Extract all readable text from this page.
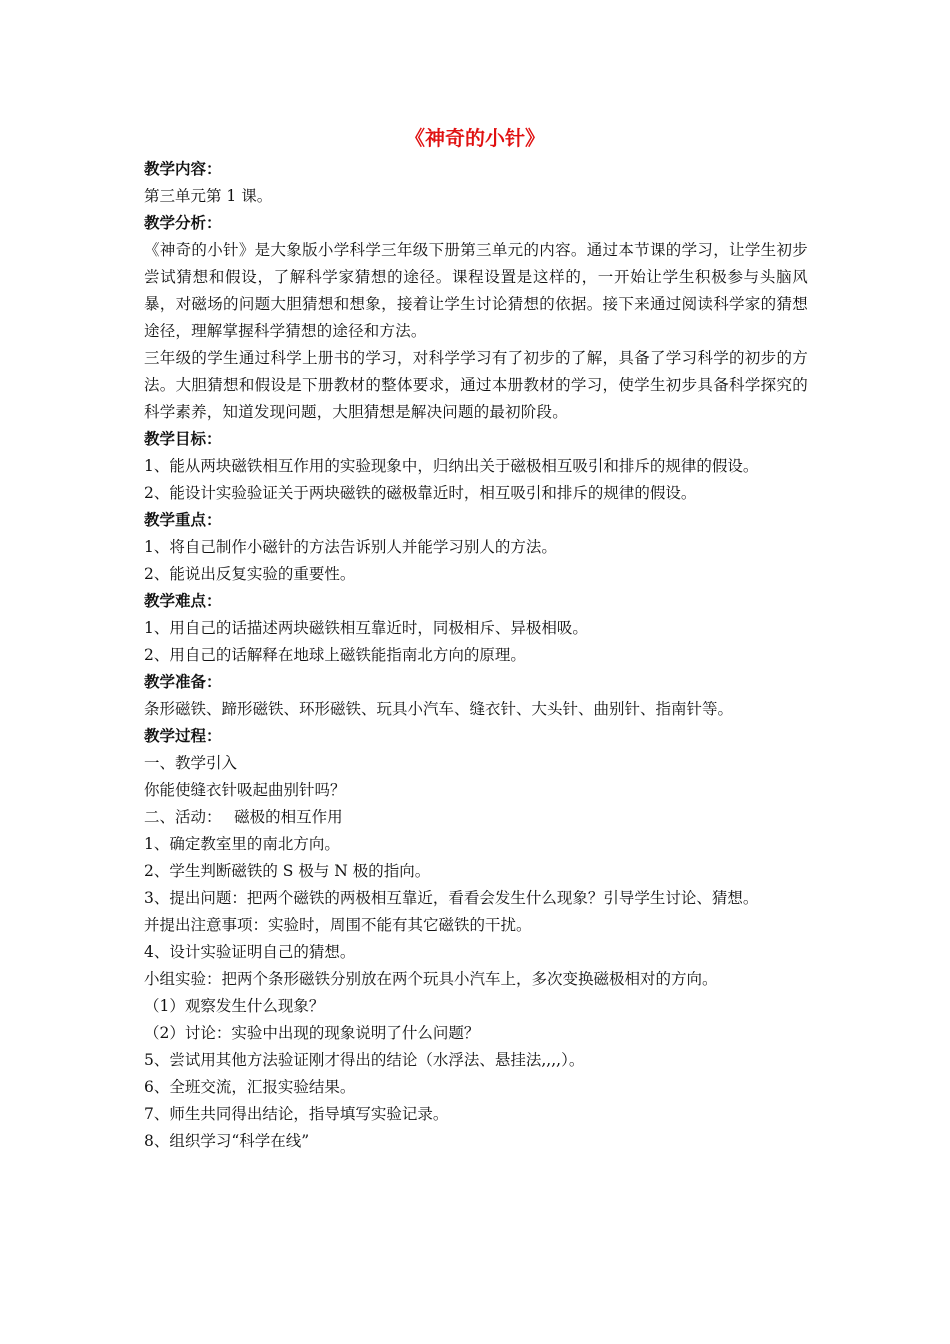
《神奇的小针》
教学内容：
第三单元第 1 课。
教学分析：
《神奇的小针》是大象版小学科学三年级下册第三单元的内容。通过本节课的学习，让学生初步尝试猜想和假设，了解科学家猜想的途径。课程设置是这样的，一开始让学生积极参与头脑风暴，对磁场的问题大胆猜想和想象，接着让学生讨论猜想的依据。接下来通过阅读科学家的猜想途径，理解掌握科学猜想的途径和方法。
三年级的学生通过科学上册书的学习，对科学学习有了初步的了解，具备了学习科学的初步的方法。大胆猜想和假设是下册教材的整体要求，通过本册教材的学习，使学生初步具备科学探究的科学素养，知道发现问题，大胆猜想是解决问题的最初阶段。
教学目标：
1、能从两块磁铁相互作用的实验现象中，归纳出关于磁极相互吸引和排斥的规律的假设。
2、能设计实验验证关于两块磁铁的磁极靠近时，相互吸引和排斥的规律的假设。
教学重点：
1、将自己制作小磁针的方法告诉别人并能学习别人的方法。
2、能说出反复实验的重要性。
教学难点：
1、用自己的话描述两块磁铁相互靠近时，同极相斥、异极相吸。
2、用自己的话解释在地球上磁铁能指南北方向的原理。
教学准备：
条形磁铁、蹄形磁铁、环形磁铁、玩具小汽车、缝衣针、大头针、曲别针、指南针等。
教学过程：
一、教学引入
你能使缝衣针吸起曲别针吗？
二、活动：　 磁极的相互作用
1、确定教室里的南北方向。
2、学生判断磁铁的 S 极与 N 极的指向。
3、提出问题：把两个磁铁的两极相互靠近，看看会发生什么现象？引导学生讨论、猜想。
并提出注意事项：实验时，周围不能有其它磁铁的干扰。
4、设计实验证明自己的猜想。
小组实验：把两个条形磁铁分别放在两个玩具小汽车上，多次变换磁极相对的方向。
（1）观察发生什么现象？
（2）讨论：实验中出现的现象说明了什么问题？
5、尝试用其他方法验证刚才得出的结论（水浮法、悬挂法,,,,）。
6、全班交流，汇报实验结果。
7、师生共同得出结论，指导填写实验记录。
8、组织学习“科学在线”
